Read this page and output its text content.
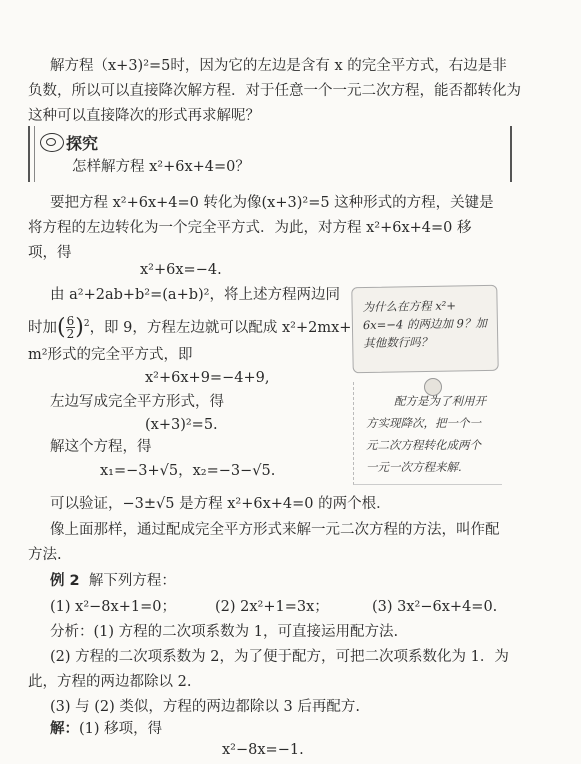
解方程（x+3)²=5时，因为它的左边是含有 x 的完全平方式，右边是非
负数，所以可以直接降次解方程．对于任意一个一元二次方程，能否都转化为
这种可以直接降次的形式再求解呢？
探究
怎样解方程 x²+6x+4=0？
要把方程 x²+6x+4=0 转化为像(x+3)²=5 这种形式的方程，关键是
将方程的左边转化为一个完全平方式．为此，对方程 x²+6x+4=0 移
项，得
x²+6x=−4.
由 a²+2ab+b²=(a+b)²，将上述方程两边同
时加( $\frac{6}{2} )^2$，即 9，方程左边就可以配成 x²+2mx+
m²形式的完全平方式，即
x²+6x+9=−4+9,
左边写成完全平方形式，得
(x+3)²=5.
解这个方程，得
x₁=−3+√5，x₂=−3−√5.
可以验证，−3±√5 是方程 x²+6x+4=0 的两个根．
像上面那样，通过配成完全平方形式来解一元二次方程的方法，叫作配
方法.
例 2 解下列方程：
(1) x²−8x+1=0；	(2) 2x²+1=3x；	(3) 3x²−6x+4=0.
分析：(1) 方程的二次项系数为 1，可直接运用配方法.
(2) 方程的二次项系数为 2，为了便于配方，可把二次项系数化为 1．为
此，方程的两边都除以 2.
(3) 与 (2) 类似，方程的两边都除以 3 后再配方.
解：(1) 移项，得
x²−8x=−1.
为什么在方程 x²+
6x=−4 的两边加 9？加
其他数行吗？
配方是为了利用开
方实现降次，把一个一
元二次方程转化成两个
一元一次方程来解.
